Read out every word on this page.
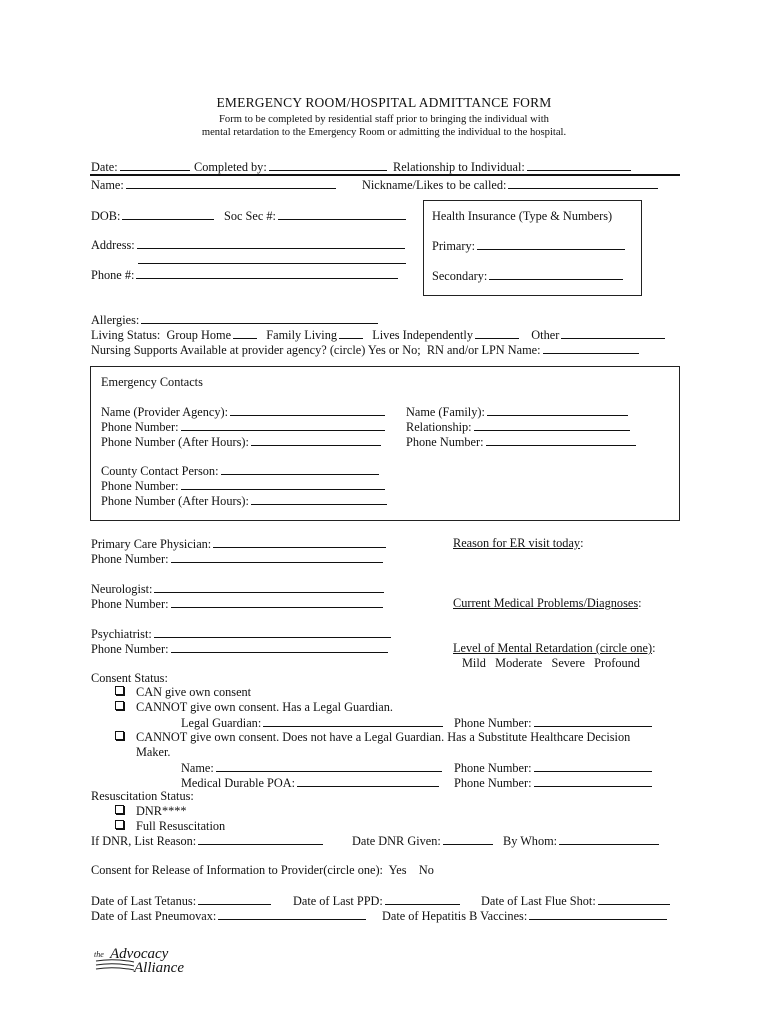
EMERGENCY ROOM/HOSPITAL ADMITTANCE FORM
Form to be completed by residential staff prior to bringing the individual with
mental retardation to the Emergency Room or admitting the individual to the hospital.
Date:	Completed by:	Relationship to Individual:
Name:	Nickname/Likes to be called:
DOB:	Soc Sec #:
Address:
Phone #:
Health Insurance (Type & Numbers)
Primary:
Secondary:
Allergies:
Living Status: Group Home	Family Living	Lives Independently	Other
Nursing Supports Available at provider agency? (circle) Yes or No; RN and/or LPN Name:
Emergency Contacts
Name (Provider Agency):
Phone Number:
Phone Number (After Hours):
Name (Family):
Relationship:
Phone Number:
County Contact Person:
Phone Number:
Phone Number (After Hours):
Primary Care Physician:
Phone Number:
Reason for ER visit today:
Neurologist:
Phone Number:	Current Medical Problems/Diagnoses:
Psychiatrist:
Phone Number:	Level of Mental Retardation (circle one):
Mild   Moderate   Severe   Profound
Consent Status:
CAN give own consent
CANNOT give own consent. Has a Legal Guardian.
Legal Guardian:	Phone Number:
CANNOT give own consent. Does not have a Legal Guardian. Has a Substitute Healthcare Decision
Maker.
Name:	Phone Number:
Medical Durable POA:	Phone Number:
Resuscitation Status:
DNR****
Full Resuscitation
If DNR, List Reason:	Date DNR Given:	By Whom:
Consent for Release of Information to Provider(circle one):  Yes    No
Date of Last Tetanus:	Date of Last PPD:	Date of Last Flue Shot:
Date of Last Pneumovax:	Date of Hepatitis B Vaccines:
the Advocacy
Alliance
